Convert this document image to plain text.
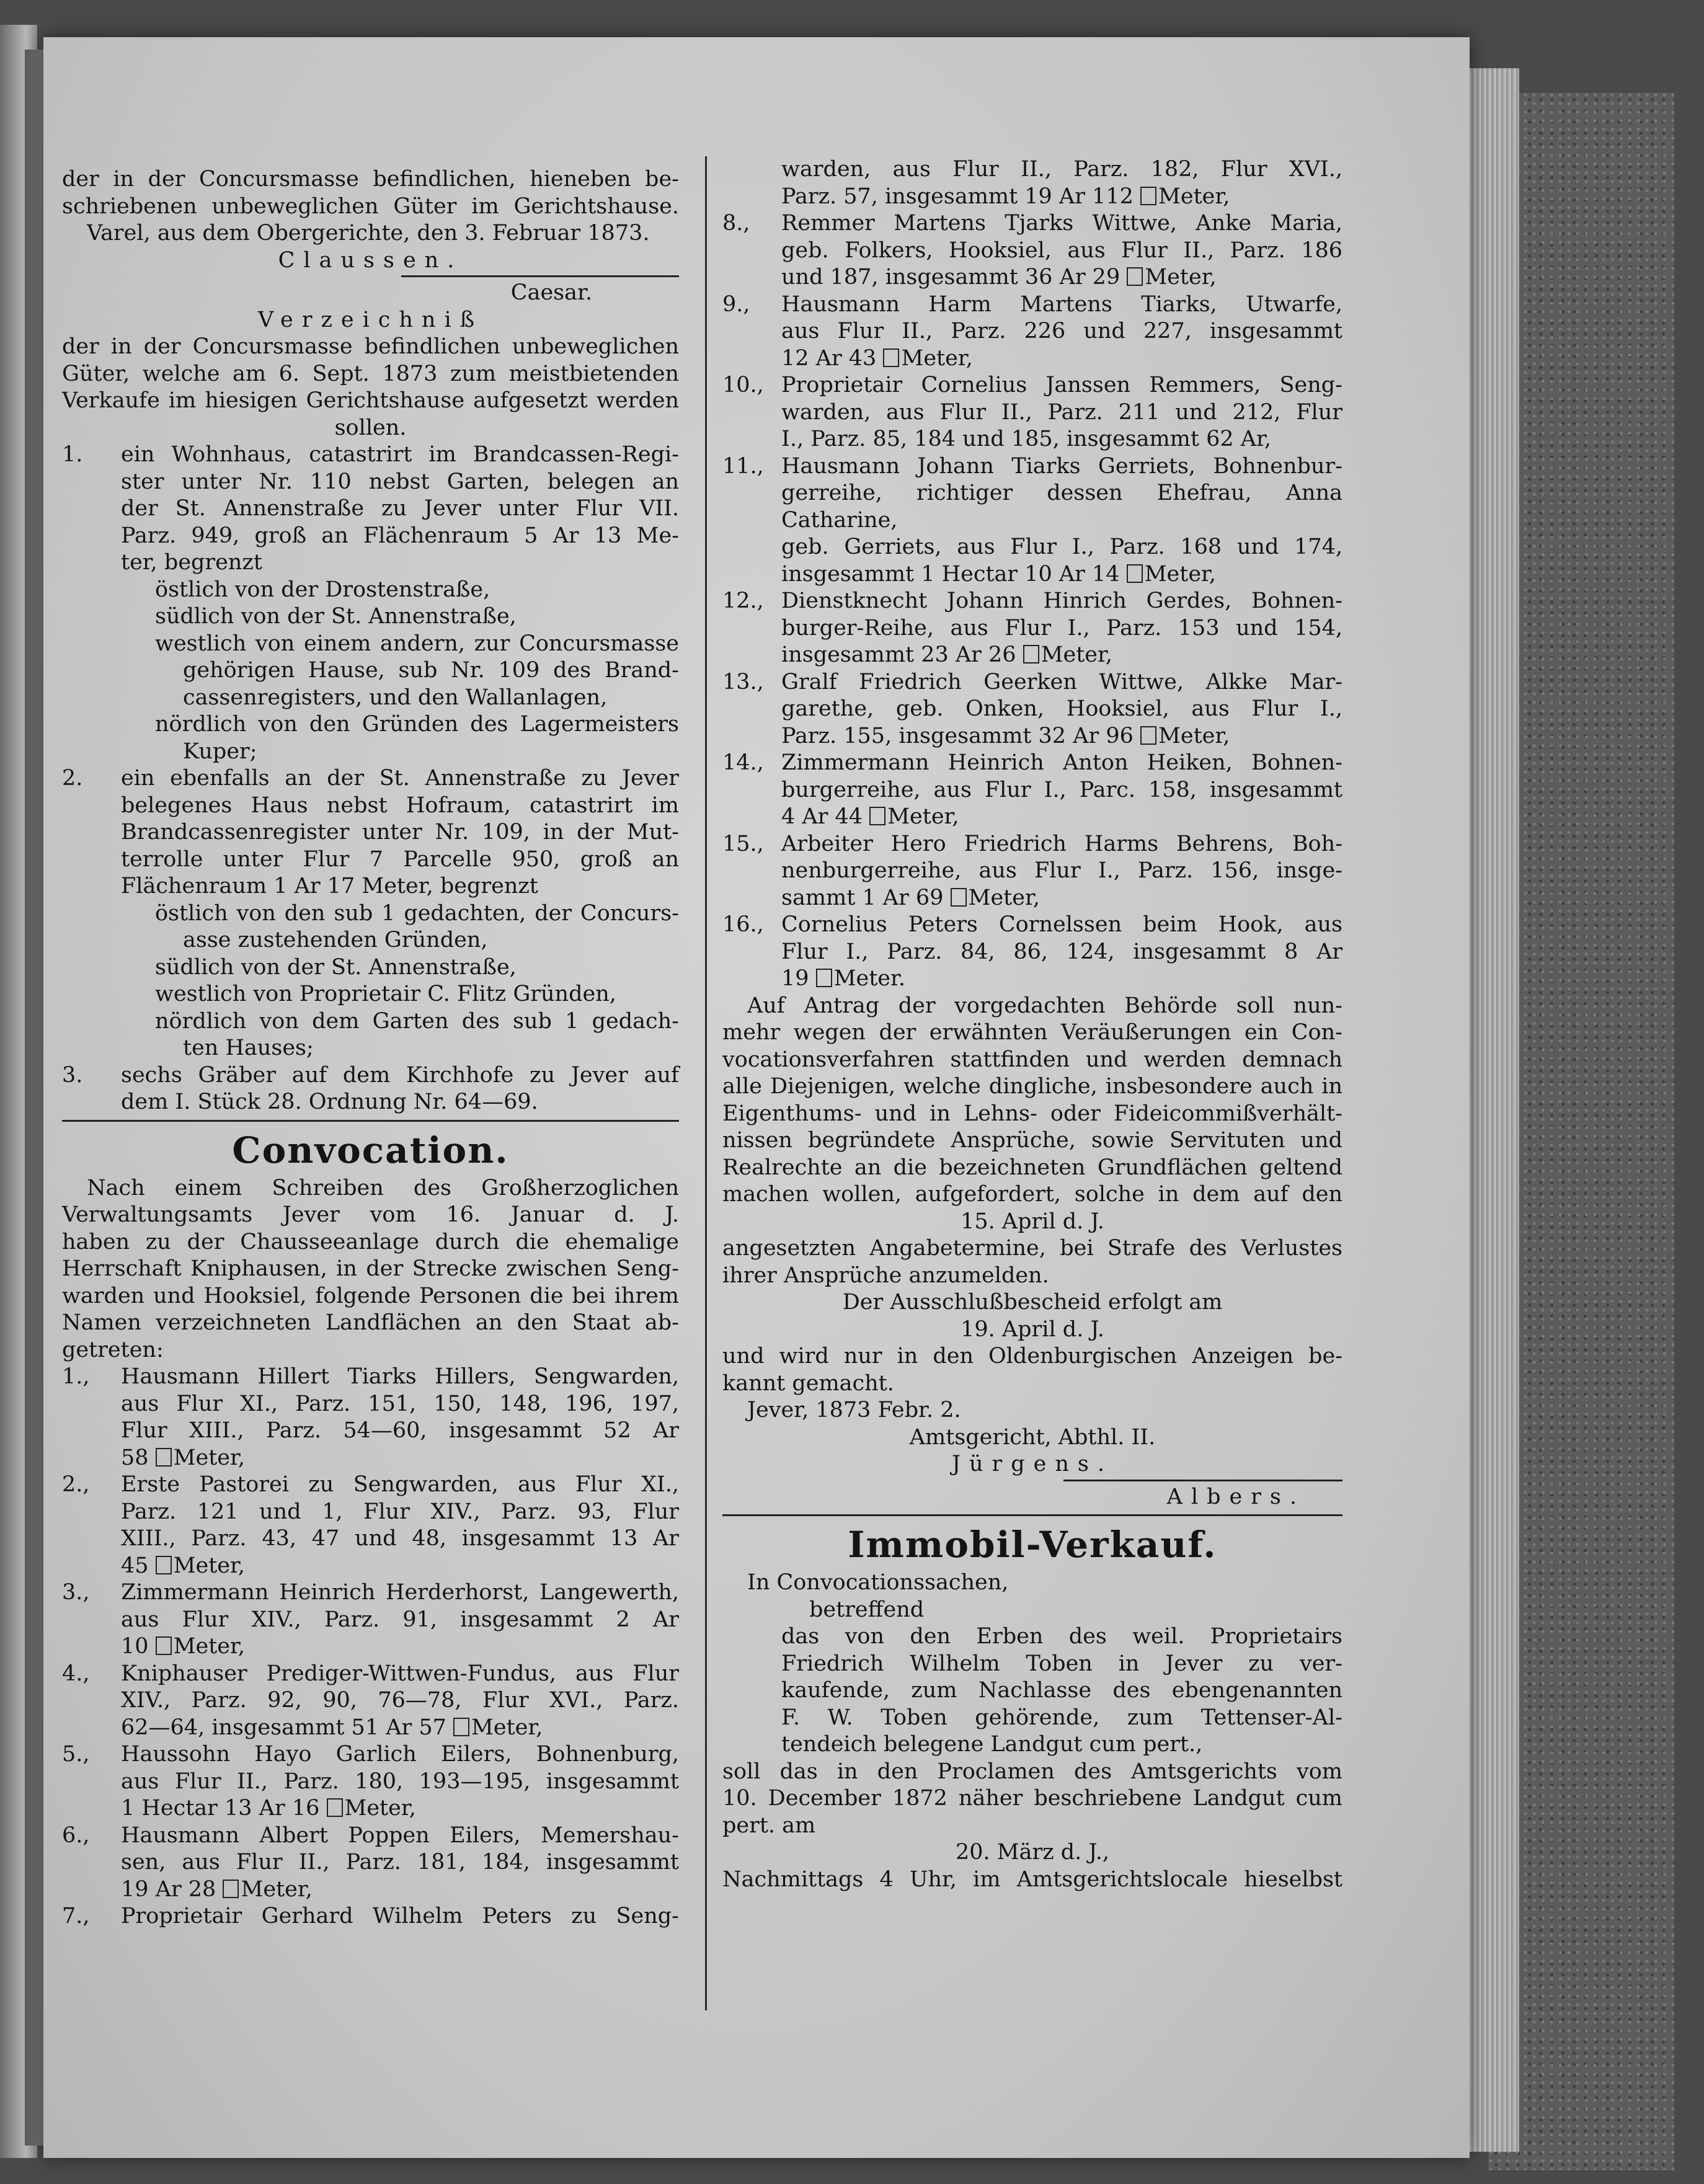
der in der Concursmasse befindlichen, hieneben be-

schriebenen unbeweglichen Güter im Gerichtshause.

Varel, aus dem Obergerichte, den 3. Februar 1873.

Claussen.

Caesar.

Verzeichniß

der in der Concursmasse befindlichen unbeweglichen

Güter, welche am 6. Sept. 1873 zum meistbietenden

Verkaufe im hiesigen Gerichtshause aufgesetzt werden

sollen.

1. ein Wohnhaus, catastrirt im Brandcassen-Regi-

ster unter Nr. 110 nebst Garten, belegen an

der St. Annenstraße zu Jever unter Flur VII.

Parz. 949, groß an Flächenraum 5 Ar 13 Me-

ter, begrenzt

östlich von der Drostenstraße,

südlich von der St. Annenstraße,

westlich von einem andern, zur Concursmasse

gehörigen Hause, sub Nr. 109 des Brand-

cassenregisters, und den Wallanlagen,

nördlich von den Gründen des Lagermeisters

Kuper;

2. ein ebenfalls an der St. Annenstraße zu Jever

belegenes Haus nebst Hofraum, catastrirt im

Brandcassenregister unter Nr. 109, in der Mut-

terrolle unter Flur 7 Parcelle 950, groß an

Flächenraum 1 Ar 17 Meter, begrenzt

östlich von den sub 1 gedachten, der Concurs-

asse zustehenden Gründen,

südlich von der St. Annenstraße,

westlich von Proprietair C. Flitz Gründen,

nördlich von dem Garten des sub 1 gedach-

ten Hauses;

3. sechs Gräber auf dem Kirchhofe zu Jever auf

dem I. Stück 28. Ordnung Nr. 64—69.

Convocation.

Nach einem Schreiben des Großherzoglichen

Verwaltungsamts Jever vom 16. Januar d. J.

haben zu der Chausseeanlage durch die ehemalige

Herrschaft Kniphausen, in der Strecke zwischen Seng-

warden und Hooksiel, folgende Personen die bei ihrem

Namen verzeichneten Landflächen an den Staat ab-

getreten:

1., Hausmann Hillert Tiarks Hillers, Sengwarden,

aus Flur XI., Parz. 151, 150, 148, 196, 197,

Flur XIII., Parz. 54—60, insgesammt 52 Ar

58 Meter,

2., Erste Pastorei zu Sengwarden, aus Flur XI.,

Parz. 121 und 1, Flur XIV., Parz. 93, Flur

XIII., Parz. 43, 47 und 48, insgesammt 13 Ar

45 Meter,

3., Zimmermann Heinrich Herderhorst, Langewerth,

aus Flur XIV., Parz. 91, insgesammt 2 Ar

10 Meter,

4., Kniphauser Prediger-Wittwen-Fundus, aus Flur

XIV., Parz. 92, 90, 76—78, Flur XVI., Parz.

62—64, insgesammt 51 Ar 57 Meter,

5., Haussohn Hayo Garlich Eilers, Bohnenburg,

aus Flur II., Parz. 180, 193—195, insgesammt

1 Hectar 13 Ar 16 Meter,

6., Hausmann Albert Poppen Eilers, Memershau-

sen, aus Flur II., Parz. 181, 184, insgesammt

19 Ar 28 Meter,

7., Proprietair Gerhard Wilhelm Peters zu Seng-

warden, aus Flur II., Parz. 182, Flur XVI.,

Parz. 57, insgesammt 19 Ar 112 Meter,

8., Remmer Martens Tjarks Wittwe, Anke Maria,

geb. Folkers, Hooksiel, aus Flur II., Parz. 186

und 187, insgesammt 36 Ar 29 Meter,

9., Hausmann Harm Martens Tiarks, Utwarfe,

aus Flur II., Parz. 226 und 227, insgesammt

12 Ar 43 Meter,

10., Proprietair Cornelius Janssen Remmers, Seng-

warden, aus Flur II., Parz. 211 und 212, Flur

I., Parz. 85, 184 und 185, insgesammt 62 Ar,

11., Hausmann Johann Tiarks Gerriets, Bohnenbur-

gerreihe, richtiger dessen Ehefrau, Anna Catharine,

geb. Gerriets, aus Flur I., Parz. 168 und 174,

insgesammt 1 Hectar 10 Ar 14 Meter,

12., Dienstknecht Johann Hinrich Gerdes, Bohnen-

burger-Reihe, aus Flur I., Parz. 153 und 154,

insgesammt 23 Ar 26 Meter,

13., Gralf Friedrich Geerken Wittwe, Alkke Mar-

garethe, geb. Onken, Hooksiel, aus Flur I.,

Parz. 155, insgesammt 32 Ar 96 Meter,

14., Zimmermann Heinrich Anton Heiken, Bohnen-

burgerreihe, aus Flur I., Parc. 158, insgesammt

4 Ar 44 Meter,

15., Arbeiter Hero Friedrich Harms Behrens, Boh-

nenburgerreihe, aus Flur I., Parz. 156, insge-

sammt 1 Ar 69 Meter,

16., Cornelius Peters Cornelssen beim Hook, aus

Flur I., Parz. 84, 86, 124, insgesammt 8 Ar

19 Meter.

Auf Antrag der vorgedachten Behörde soll nun-

mehr wegen der erwähnten Veräußerungen ein Con-

vocationsverfahren stattfinden und werden demnach

alle Diejenigen, welche dingliche, insbesondere auch in

Eigenthums- und in Lehns- oder Fideicommißverhält-

nissen begründete Ansprüche, sowie Servituten und

Realrechte an die bezeichneten Grundflächen geltend

machen wollen, aufgefordert, solche in dem auf den

15. April d. J.

angesetzten Angabetermine, bei Strafe des Verlustes

ihrer Ansprüche anzumelden.

Der Ausschlußbescheid erfolgt am

19. April d. J.

und wird nur in den Oldenburgischen Anzeigen be-

kannt gemacht.

Jever, 1873 Febr. 2.

Amtsgericht, Abthl. II.

Jürgens.

Albers.

Immobil-Verkauf.

In Convocationssachen,

betreffend

das von den Erben des weil. Proprietairs

Friedrich Wilhelm Toben in Jever zu ver-

kaufende, zum Nachlasse des ebengenannten

F. W. Toben gehörende, zum Tettenser-Al-

tendeich belegene Landgut cum pert.,

soll das in den Proclamen des Amtsgerichts vom

10. December 1872 näher beschriebene Landgut cum

pert. am

20. März d. J.,

Nachmittags 4 Uhr, im Amtsgerichtslocale hieselbst
